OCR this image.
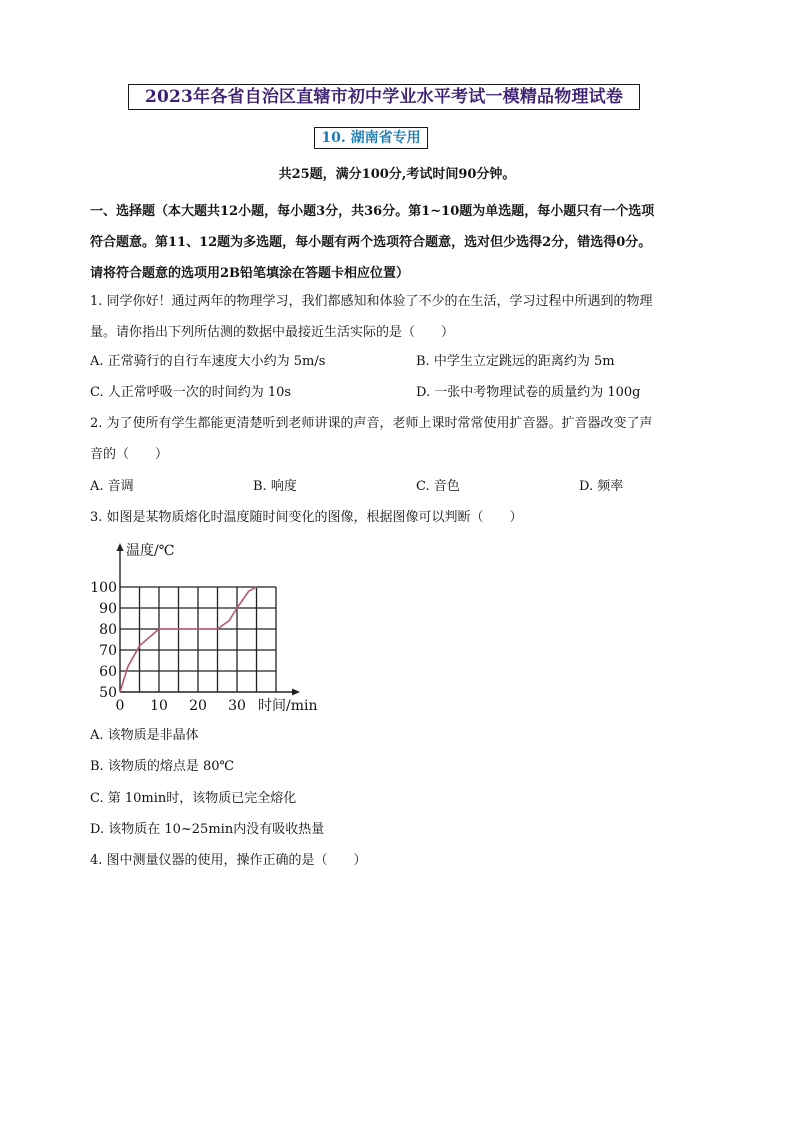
2023年各省自治区直辖市初中学业水平考试一模精品物理试卷
10. 湖南省专用
共25题，满分100分,考试时间90分钟。
一、选择题（本大题共12小题，每小题3分，共36分。第1~10题为单选题，每小题只有一个选项
符合题意。第11、12题为多选题，每小题有两个选项符合题意，选对但少选得2分，错选得0分。
请将符合题意的选项用2B铅笔填涂在答题卡相应位置）
1. 同学你好！通过两年的物理学习，我们都感知和体验了不少的在生活，学习过程中所遇到的物理
量。请你指出下列所估测的数据中最接近生活实际的是（　　）
A. 正常骑行的自行车速度大小约为 5m/s	B. 中学生立定跳远的距离约为 5m
C. 人正常呼吸一次的时间约为 10s	D. 一张中考物理试卷的质量约为 100g
2. 为了使所有学生都能更清楚听到老师讲课的声音，老师上课时常常使用扩音器。扩音器改变了声
音的（　　）
A. 音调	B. 响度	C. 音色	D. 频率
3. 如图是某物质熔化时温度随时间变化的图像，根据图像可以判断（　　）
50
60
70
80
90
100
0 10 20 30
温度/℃
时间/min
A. 该物质是非晶体
B. 该物质的熔点是 80℃
C. 第 10min时，该物质已完全熔化
D. 该物质在 10~25min内没有吸收热量
4. 图中测量仪器的使用，操作正确的是（　　）
